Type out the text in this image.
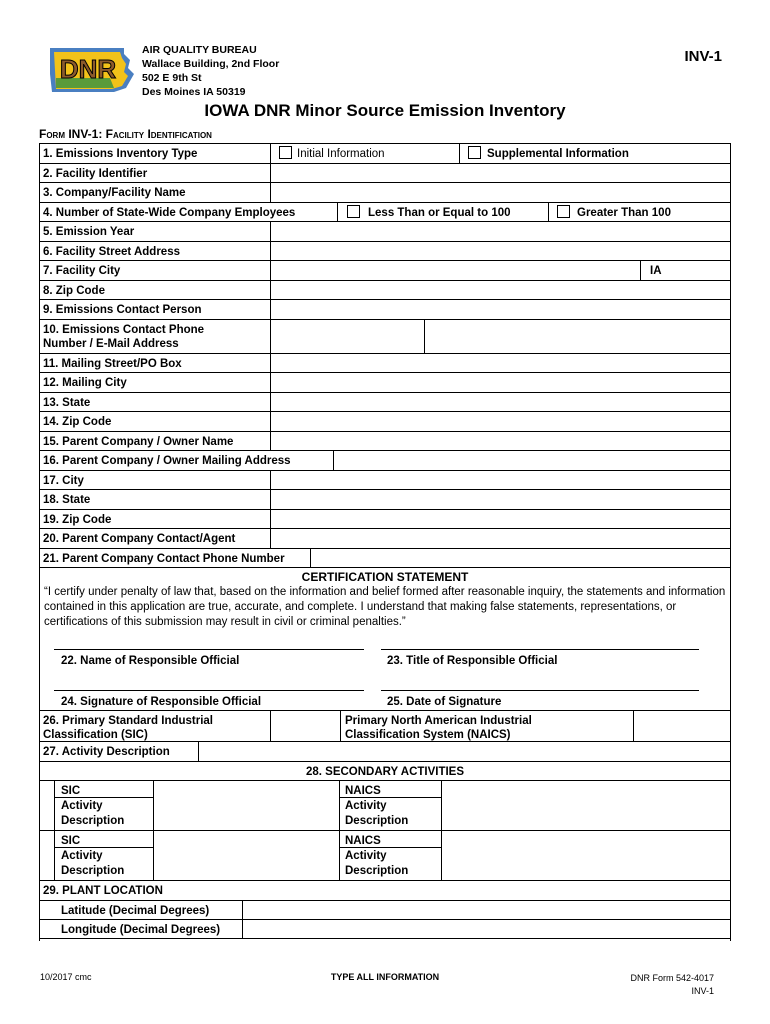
DNR
AIR QUALITY BUREAU
Wallace Building, 2nd Floor
502 E 9th St
Des Moines IA 50319
INV-1
IOWA DNR Minor Source Emission Inventory
Form INV-1: Facility Identification
1. Emissions Inventory Type	Initial Information	Supplemental Information
2. Facility Identifier
3. Company/Facility Name
4. Number of State-Wide Company Employees	Less Than or Equal to 100	Greater Than 100
5. Emission Year
6. Facility Street Address
7. Facility City	IA
8. Zip Code
9. Emissions Contact Person
10. Emissions Contact Phone
Number / E-Mail Address
11. Mailing Street/PO Box
12. Mailing City
13. State
14. Zip Code
15. Parent Company / Owner Name
16. Parent Company / Owner Mailing Address
17. City
18. State
19. Zip Code
20. Parent Company Contact/Agent
21. Parent Company Contact Phone Number
CERTIFICATION STATEMENT
“I certify under penalty of law that, based on the information and belief formed after reasonable inquiry, the statements and information contained in this application are true, accurate, and complete. I understand that making false statements, representations, or certifications of this submission may result in civil or criminal penalties.”
22. Name of Responsible Official	23. Title of Responsible Official
24. Signature of Responsible Official	25. Date of Signature
26. Primary Standard Industrial
Classification (SIC)
Primary North American Industrial
Classification System (NAICS)
27. Activity Description
28. SECONDARY ACTIVITIES
SIC
Activity
Description
NAICS
Activity
Description
SIC
Activity
Description
NAICS
Activity
Description
29. PLANT LOCATION
Latitude (Decimal Degrees)
Longitude (Decimal Degrees)
10/2017 cmc	TYPE ALL INFORMATION	DNR Form 542-4017
INV-1
